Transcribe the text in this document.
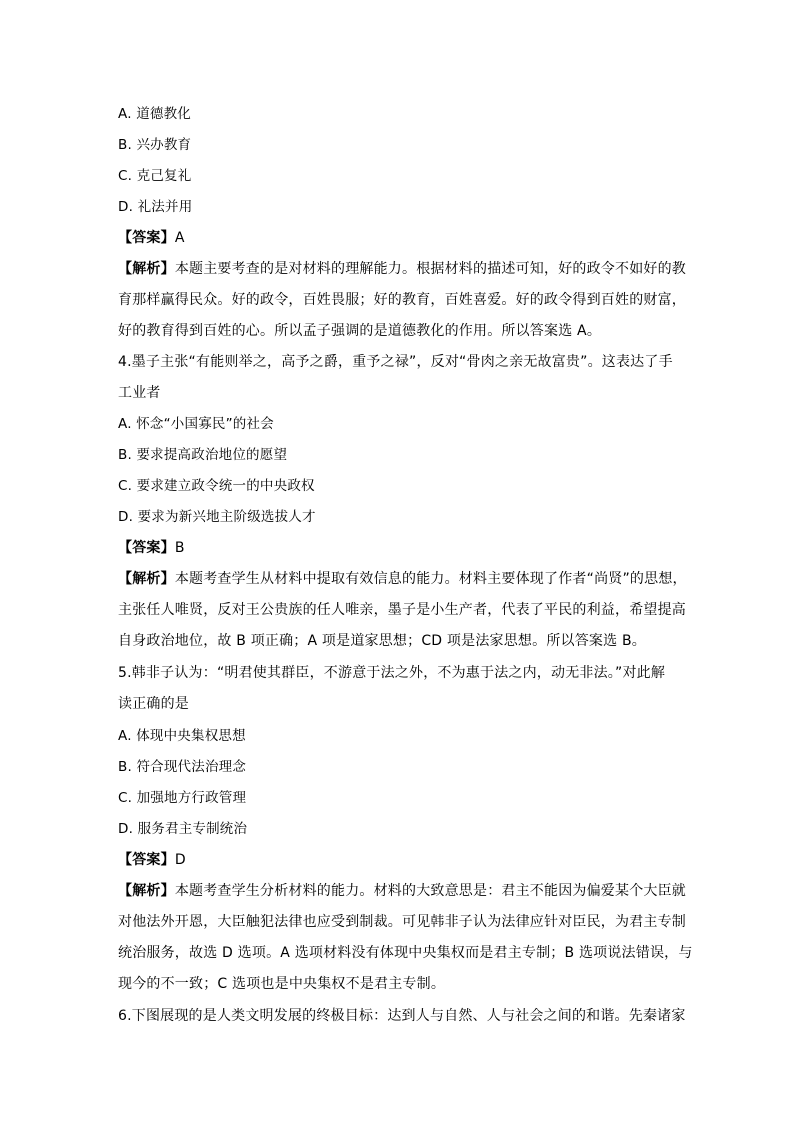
A. 道德教化
B. 兴办教育
C. 克己复礼
D. 礼法并用
【答案】A
【解析】本题主要考查的是对材料的理解能力。根据材料的描述可知，好的政令不如好的教
育那样赢得民众。好的政令，百姓畏服；好的教育，百姓喜爱。好的政令得到百姓的财富，
好的教育得到百姓的心。所以孟子强调的是道德教化的作用。所以答案选 A。
4.墨子主张“有能则举之，高予之爵，重予之禄”，反对“骨肉之亲无故富贵”。这表达了手
工业者
A. 怀念“小国寡民”的社会
B. 要求提高政治地位的愿望
C. 要求建立政令统一的中央政权
D. 要求为新兴地主阶级选拔人才
【答案】B
【解析】本题考查学生从材料中提取有效信息的能力。材料主要体现了作者“尚贤”的思想，
主张任人唯贤，反对王公贵族的任人唯亲，墨子是小生产者，代表了平民的利益，希望提高
自身政治地位，故 B 项正确；A 项是道家思想；CD 项是法家思想。所以答案选 B。
5.韩非子认为：“明君使其群臣，不游意于法之外，不为惠于法之内，动无非法。”对此解
读正确的是
A. 体现中央集权思想
B. 符合现代法治理念
C. 加强地方行政管理
D. 服务君主专制统治
【答案】D
【解析】本题考查学生分析材料的能力。材料的大致意思是：君主不能因为偏爱某个大臣就
对他法外开恩，大臣触犯法律也应受到制裁。可见韩非子认为法律应针对臣民，为君主专制
统治服务，故选 D 选项。A 选项材料没有体现中央集权而是君主专制；B 选项说法错误，与
现今的不一致；C 选项也是中央集权不是君主专制。
6.下图展现的是人类文明发展的终极目标：达到人与自然、人与社会之间的和谐。先秦诸家
